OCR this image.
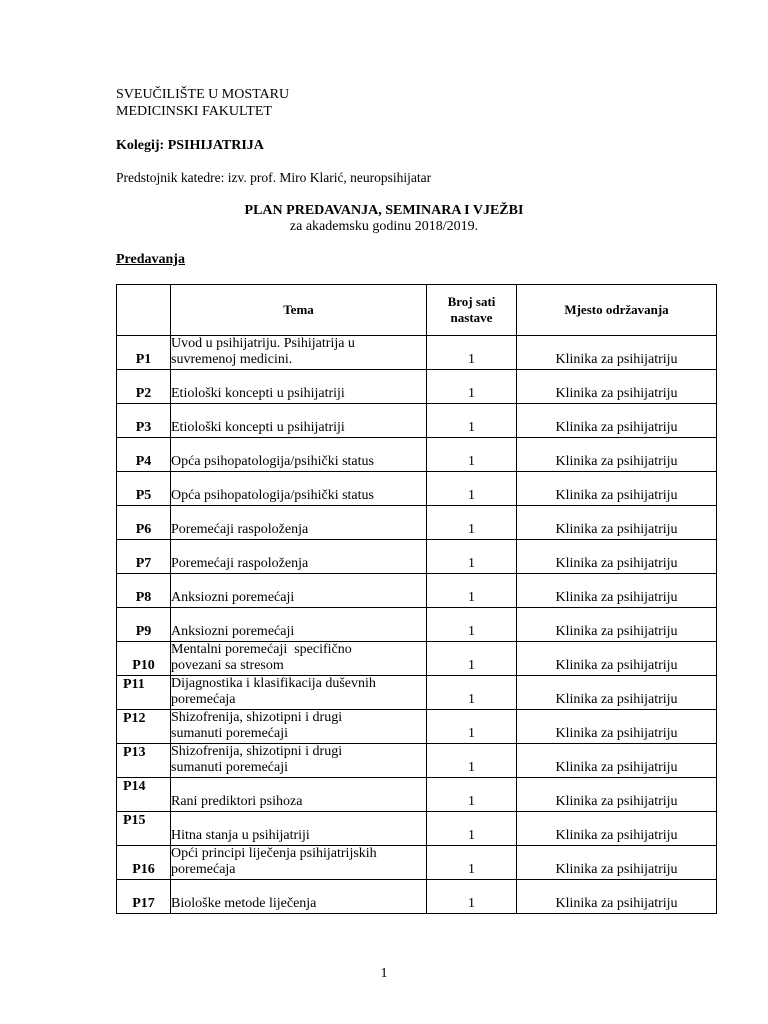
SVEUČILIŠTE U MOSTARU
MEDICINSKI FAKULTET
Kolegij: PSIHIJATRIJA
Predstojnik katedre: izv. prof. Miro Klarić, neuropsihijatar
PLAN PREDAVANJA, SEMINARA I VJEŽBI
za akademsku godinu 2018/2019.
Predavanja
	Tema	Broj sati nastave	Mjesto održavanja
P1	Uvod u psihijatriju. Psihijatrija u
suvremenoj medicini.	1	Klinika za psihijatriju
P2	Etiološki koncepti u psihijatriji	1	Klinika za psihijatriju
P3	Etiološki koncepti u psihijatriji	1	Klinika za psihijatriju
P4	Opća psihopatologija/psihički status	1	Klinika za psihijatriju
P5	Opća psihopatologija/psihički status	1	Klinika za psihijatriju
P6	Poremećaji raspoloženja	1	Klinika za psihijatriju
P7	Poremećaji raspoloženja	1	Klinika za psihijatriju
P8	Anksiozni poremećaji	1	Klinika za psihijatriju
P9	Anksiozni poremećaji	1	Klinika za psihijatriju
P10	Mentalni poremećaji  specifično
povezani sa stresom	1	Klinika za psihijatriju
P11	Dijagnostika i klasifikacija duševnih
poremećaja	1	Klinika za psihijatriju
P12	Shizofrenija, shizotipni i drugi
sumanuti poremećaji	1	Klinika za psihijatriju
P13	Shizofrenija, shizotipni i drugi
sumanuti poremećaji	1	Klinika za psihijatriju
P14	Rani prediktori psihoza	1	Klinika za psihijatriju
P15	Hitna stanja u psihijatriji	1	Klinika za psihijatriju
P16	Opći principi liječenja psihijatrijskih
poremećaja	1	Klinika za psihijatriju
P17	Biološke metode liječenja	1	Klinika za psihijatriju
1
